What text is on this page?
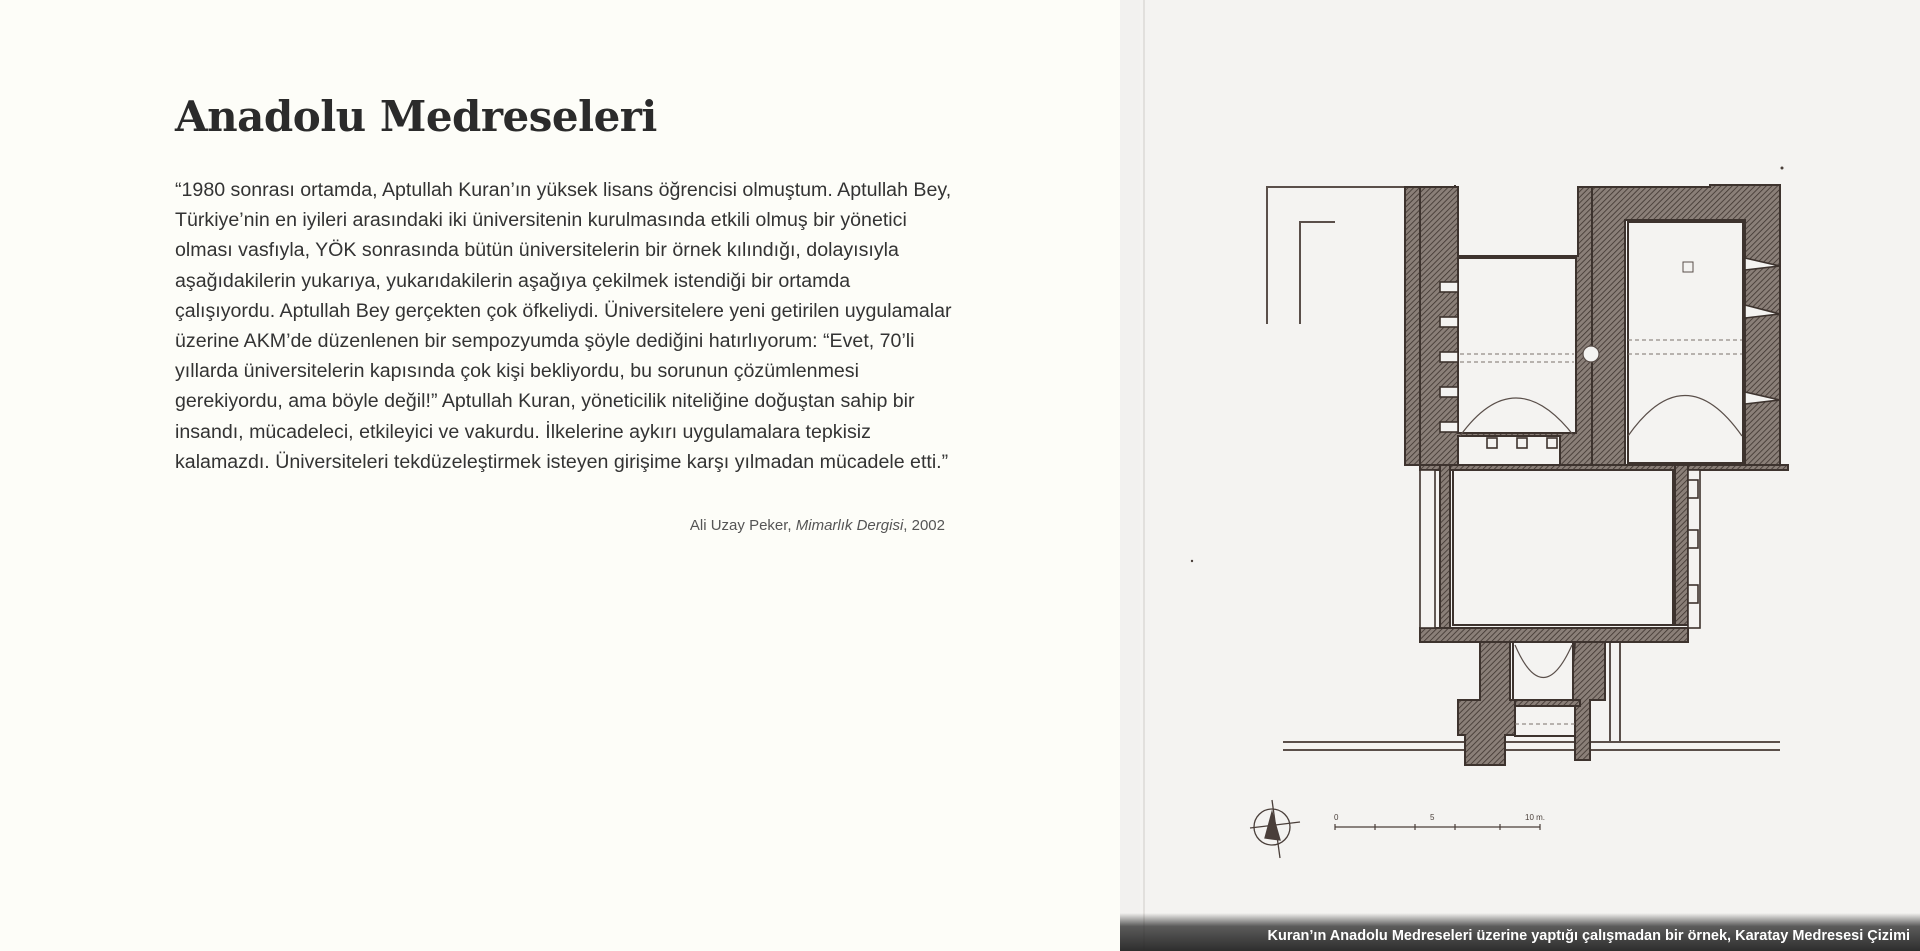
Anadolu Medreseleri

“1980 sonrası ortamda, Aptullah Kuran’ın yüksek lisans öğrencisi olmuştum. Aptullah Bey, Türkiye’nin en iyileri arasındaki iki üniversitenin kurulmasında etkili olmuş bir yönetici olması vasfıyla, YÖK sonrasında bütün üniversitelerin bir örnek kılındığı, dolayısıyla aşağıdakilerin yukarıya, yukarıdakilerin aşağıya çekilmek istendiği bir ortamda çalışıyordu. Aptullah Bey gerçekten çok öfkeliydi. Üniversitelere yeni getirilen uygulamalar üzerine AKM’de düzenlenen bir sempozyumda şöyle dediğini hatırlıyorum: “Evet, 70’li yıllarda üniversitelerin kapısında çok kişi bekliyordu, bu sorunun çözümlenmesi gerekiyordu, ama böyle değil!” Aptullah Kuran, yöneticilik niteliğine doğuştan sahip bir insandı, mücadeleci, etkileyici ve vakurdu. İlkelerine aykırı uygulamalara tepkisiz kalamazdı. Üniversiteleri tekdüzeleştirmek isteyen girişime karşı yılmadan mücadele etti.”

Ali Uzay Peker, Mimarlık Dergisi, 2002
0	5	10 m.
Kuran’ın Anadolu Medreseleri üzerine yaptığı çalışmadan bir örnek, Karatay Medresesi Çizimi
